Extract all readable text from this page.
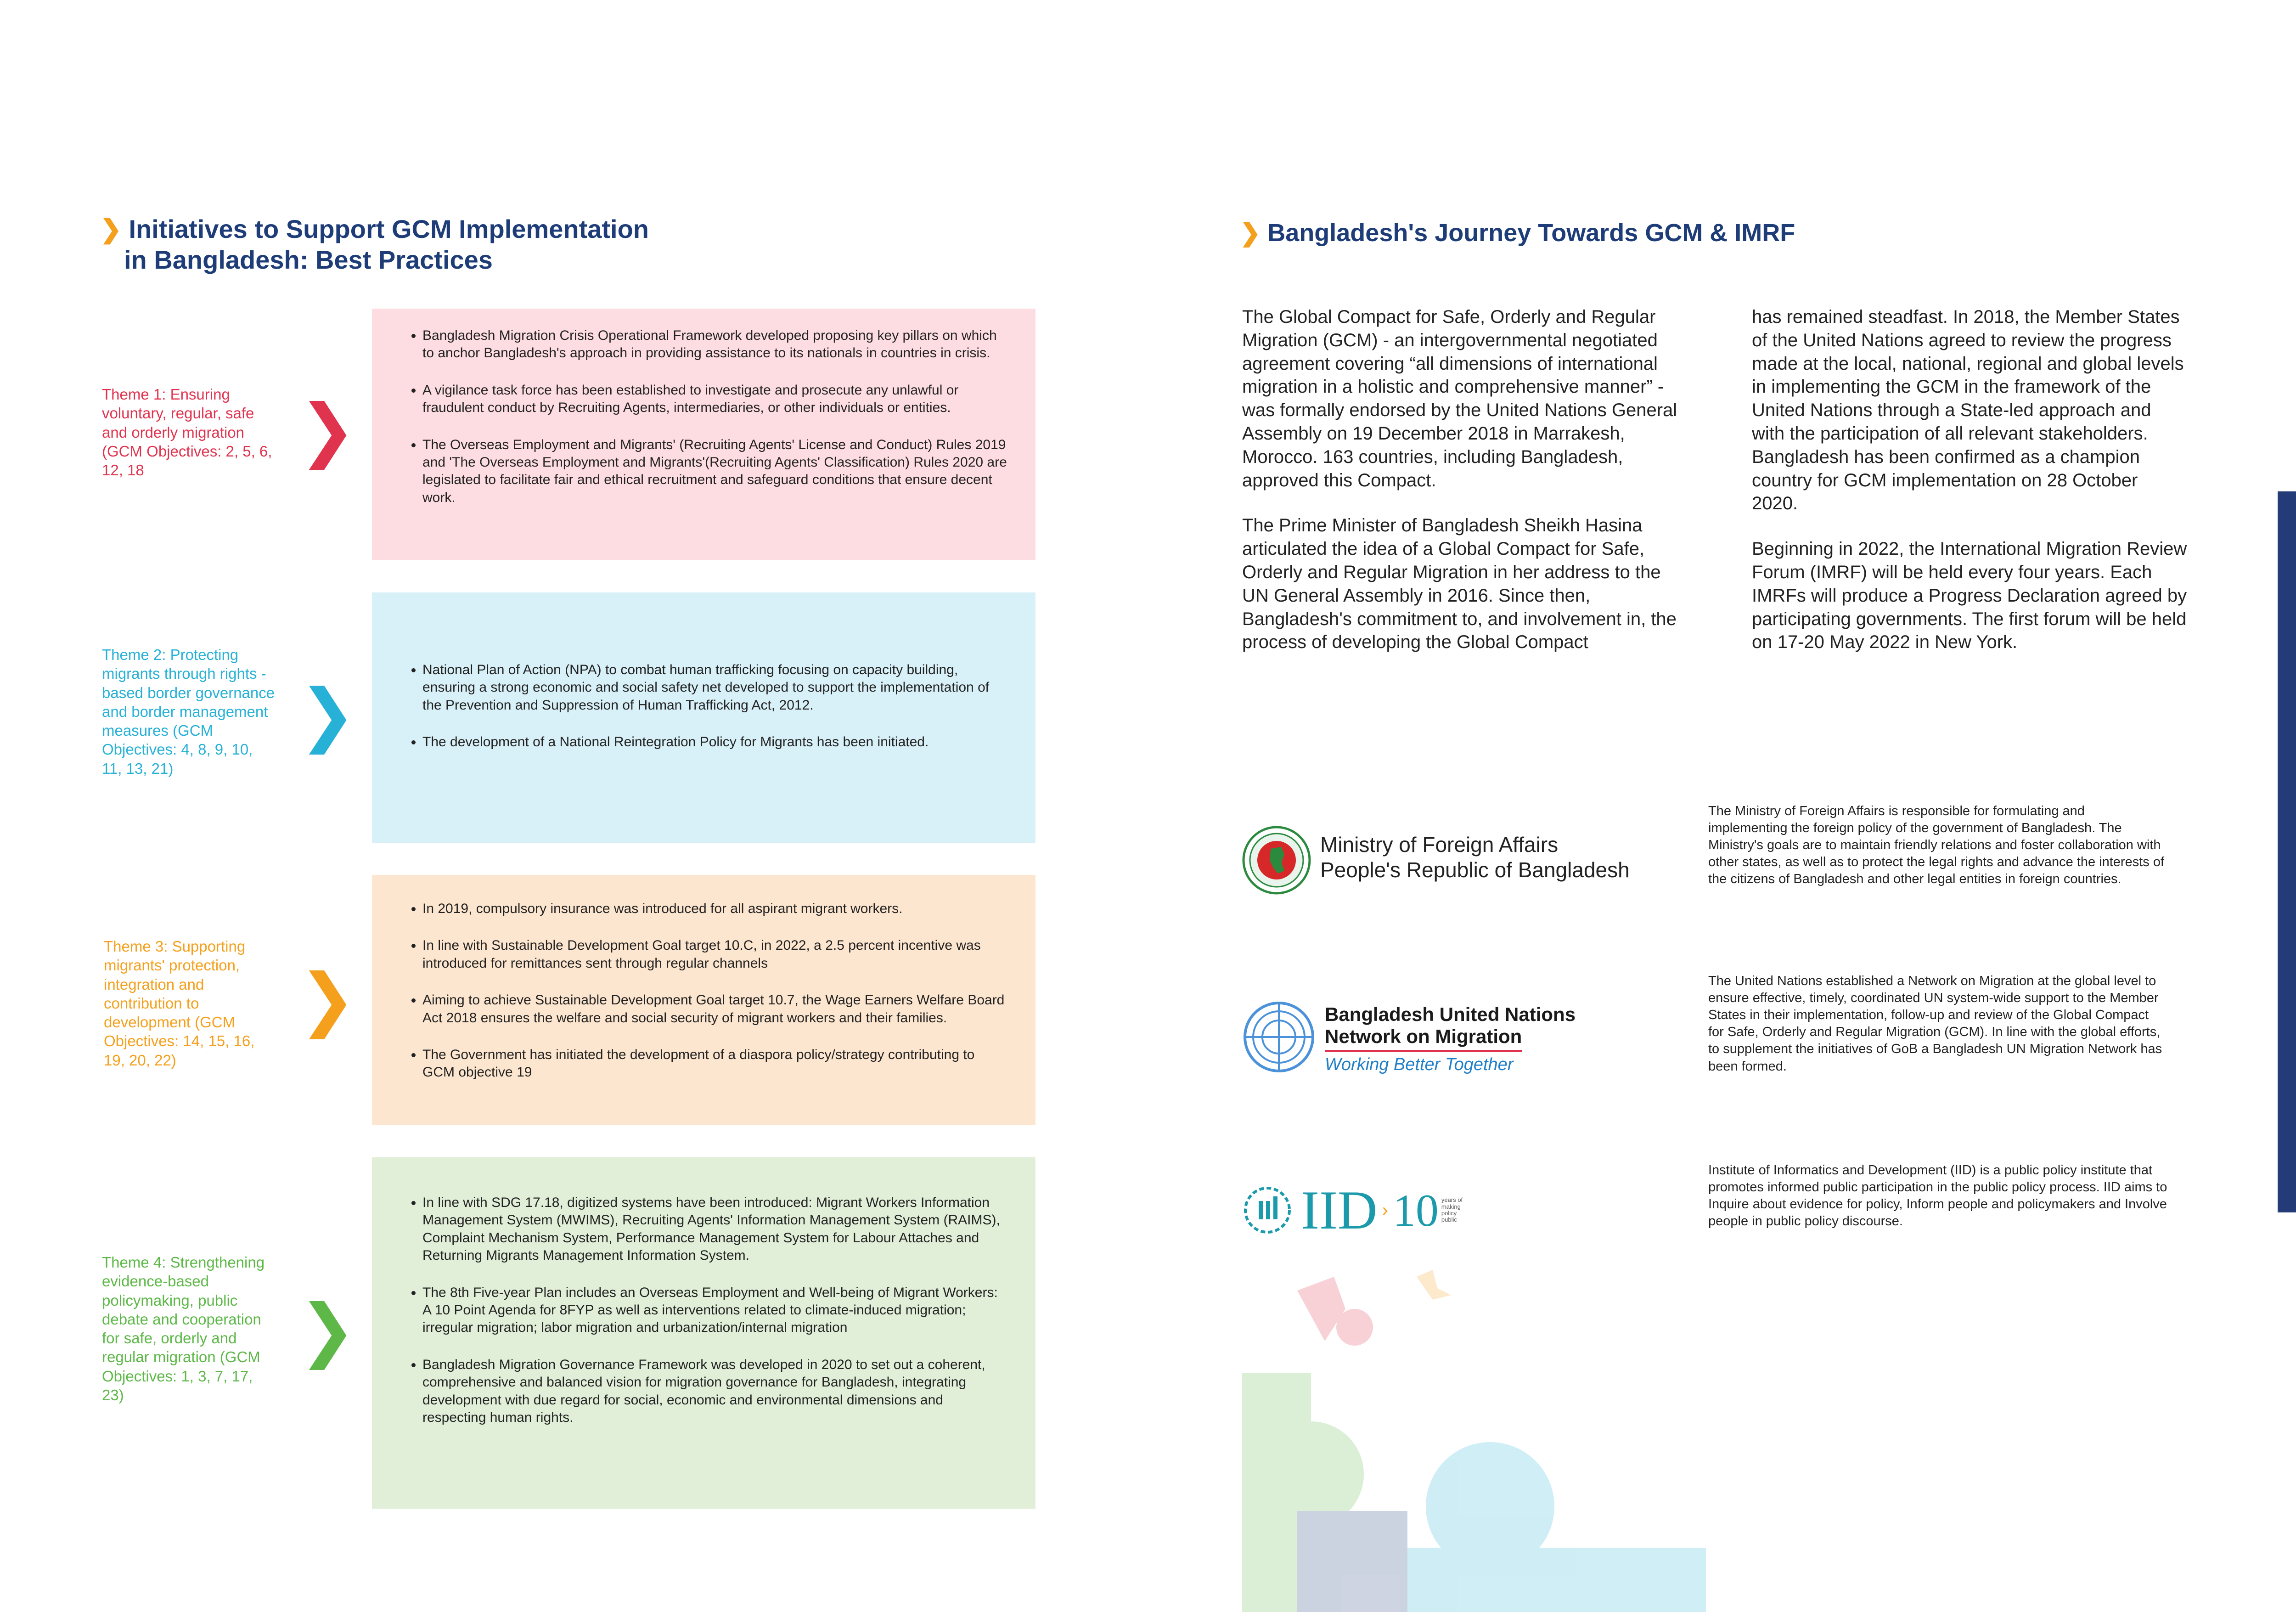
❯ Initiatives to Support GCM Implementation
in Bangladesh: Best Practices
Theme 1: Ensuring voluntary, regular, safe and orderly migration (GCM Objectives: 2, 5, 6, 12, 18
❯
• Bangladesh Migration Crisis Operational Framework developed proposing key pillars on which to anchor Bangladesh's approach in providing assistance to its nationals in countries in crisis.
• A vigilance task force has been established to investigate and prosecute any unlawful or fraudulent conduct by Recruiting Agents, intermediaries, or other individuals or entities.
• The Overseas Employment and Migrants' (Recruiting Agents' License and Conduct) Rules 2019 and 'The Overseas Employment and Migrants'(Recruiting Agents' Classification) Rules 2020 are legislated to facilitate fair and ethical recruitment and safeguard conditions that ensure decent work.
Theme 2: Protecting migrants through rights - based border governance and border management measures (GCM Objectives: 4, 8, 9, 10, 11, 13, 21)
❯
• National Plan of Action (NPA) to combat human trafficking focusing on capacity building, ensuring a strong economic and social safety net developed to support the implementation of the Prevention and Suppression of Human Trafficking Act, 2012.
• The development of a National Reintegration Policy for Migrants has been initiated.
Theme 3: Supporting migrants' protection, integration and contribution to development (GCM Objectives: 14, 15, 16, 19, 20, 22)
❯
• In 2019, compulsory insurance was introduced for all aspirant migrant workers.
• In line with Sustainable Development Goal target 10.C, in 2022, a 2.5 percent incentive was introduced for remittances sent through regular channels
• Aiming to achieve Sustainable Development Goal target 10.7, the Wage Earners Welfare Board Act 2018 ensures the welfare and social security of migrant workers and their families.
• The Government has initiated the development of a diaspora policy/strategy contributing to GCM objective 19
Theme 4: Strengthening evidence-based policymaking, public debate and cooperation for safe, orderly and regular migration (GCM Objectives: 1, 3, 7, 17, 23)
❯
• In line with SDG 17.18, digitized systems have been introduced: Migrant Workers Information Management System (MWIMS), Recruiting Agents' Information Management System (RAIMS), Complaint Mechanism System, Performance Management System for Labour Attaches and Returning Migrants Management Information System.
• The 8th Five-year Plan includes an Overseas Employment and Well-being of Migrant Workers: A 10 Point Agenda for 8FYP as well as interventions related to climate-induced migration; irregular migration; labor migration and urbanization/internal migration
• Bangladesh Migration Governance Framework was developed in 2020 to set out a coherent, comprehensive and balanced vision for migration governance for Bangladesh, integrating development with due regard for social, economic and environmental dimensions and respecting human rights.
❯ Bangladesh's Journey Towards GCM & IMRF

The Global Compact for Safe, Orderly and Regular Migration (GCM) - an intergovernmental negotiated agreement covering “all dimensions of international migration in a holistic and comprehensive manner” - was formally endorsed by the United Nations General Assembly on 19 December 2018 in Marrakesh, Morocco. 163 countries, including Bangladesh, approved this Compact.

The Prime Minister of Bangladesh Sheikh Hasina articulated the idea of a Global Compact for Safe, Orderly and Regular Migration in her address to the UN General Assembly in 2016. Since then, Bangladesh's commitment to, and involvement in, the process of developing the Global Compact

has remained steadfast. In 2018, the Member States of the United Nations agreed to review the progress made at the local, national, regional and global levels in implementing the GCM in the framework of the United Nations through a State-led approach and with the participation of all relevant stakeholders. Bangladesh has been confirmed as a champion country for GCM implementation on 28 October 2020.

Beginning in 2022, the International Migration Review Forum (IMRF) will be held every four years. Each IMRFs will produce a Progress Declaration agreed by participating governments. The first forum will be held on 17-20 May 2022 in New York.

Ministry of Foreign Affairs
People's Republic of Bangladesh
The Ministry of Foreign Affairs is responsible for formulating and implementing the foreign policy of the government of Bangladesh. The Ministry's goals are to maintain friendly relations and foster collaboration with other states, as well as to protect the legal rights and advance the interests of the citizens of Bangladesh and other legal entities in foreign countries.
Bangladesh United Nations
Network on Migration
Working Better Together
The United Nations established a Network on Migration at the global level to ensure effective, timely, coordinated UN system-wide support to the Member States in their implementation, follow-up and review of the Global Compact for Safe, Orderly and Regular Migration (GCM). In line with the global efforts, to supplement the initiatives of GoB a Bangladesh UN Migration Network has been formed.
IID › 10 years of making policy public
Institute of Informatics and Development (IID) is a public policy institute that promotes informed public participation in the public policy process. IID aims to Inquire about evidence for policy, Inform people and policymakers and Involve people in public policy discourse.
